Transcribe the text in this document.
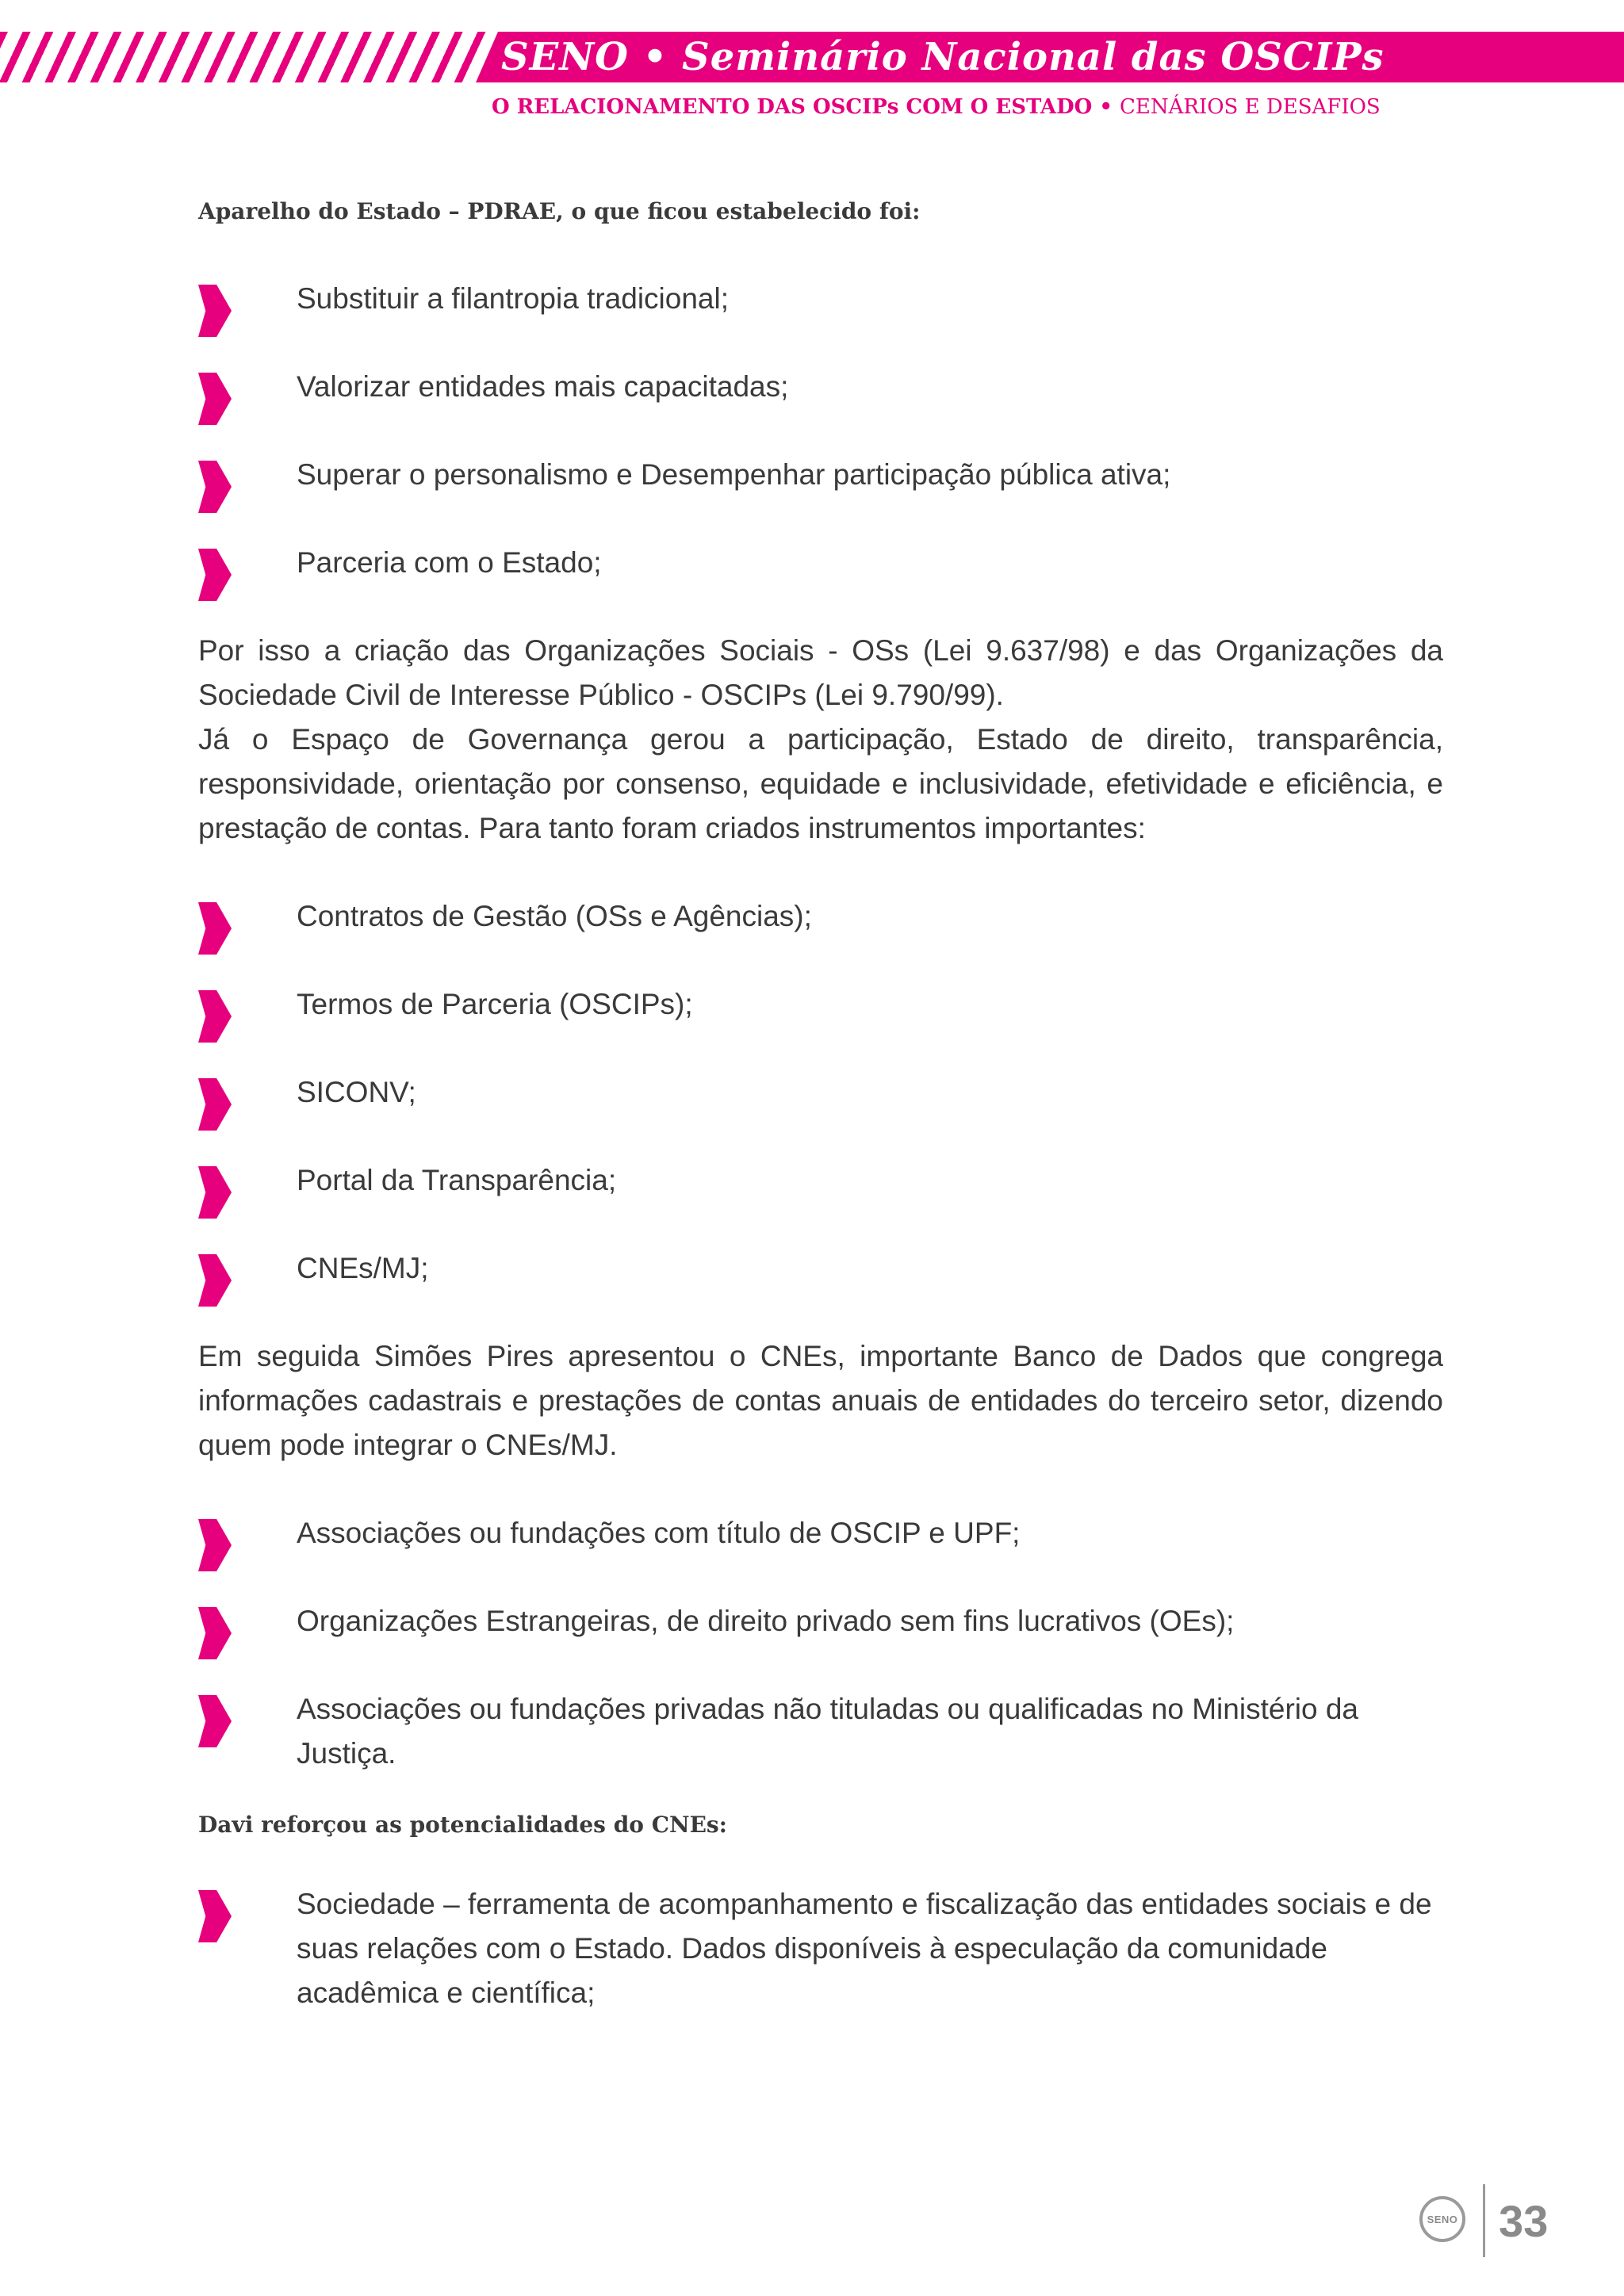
SENO • Seminário Nacional das OSCIPs
O RELACIONAMENTO DAS OSCIPs COM O ESTADO • CENÁRIOS E DESAFIOS
Aparelho do Estado – PDRAE, o que ficou estabelecido foi:
Substituir a filantropia tradicional;
Valorizar entidades mais capacitadas;
Superar o personalismo e Desempenhar participação pública ativa;
Parceria com o Estado;

Por isso a criação das Organizações Sociais - OSs (Lei 9.637/98) e das Organizações da Sociedade Civil de Interesse Público - OSCIPs (Lei 9.790/99).

Já o Espaço de Governança gerou a participação, Estado de direito, transparência, responsividade, orientação por consenso, equidade e inclusividade, efetividade e eficiência, e prestação de contas. Para tanto foram criados instrumentos importantes:

Contratos de Gestão (OSs e Agências);
Termos de Parceria (OSCIPs);
SICONV;
Portal da Transparência;
CNEs/MJ;

Em seguida Simões Pires apresentou o CNEs, importante Banco de Dados que congrega informações cadastrais e prestações de contas anuais de entidades do terceiro setor, dizendo quem pode integrar o CNEs/MJ.

Associações ou fundações com título de OSCIP e UPF;
Organizações Estrangeiras, de direito privado sem fins lucrativos (OEs);
Associações ou fundações privadas não tituladas ou qualificadas no Ministério da Justiça.
Davi reforçou as potencialidades do CNEs:
Sociedade – ferramenta de acompanhamento e fiscalização das entidades sociais e de suas relações com o Estado. Dados disponíveis à especulação da comunidade acadêmica e científica;
SENO 33
